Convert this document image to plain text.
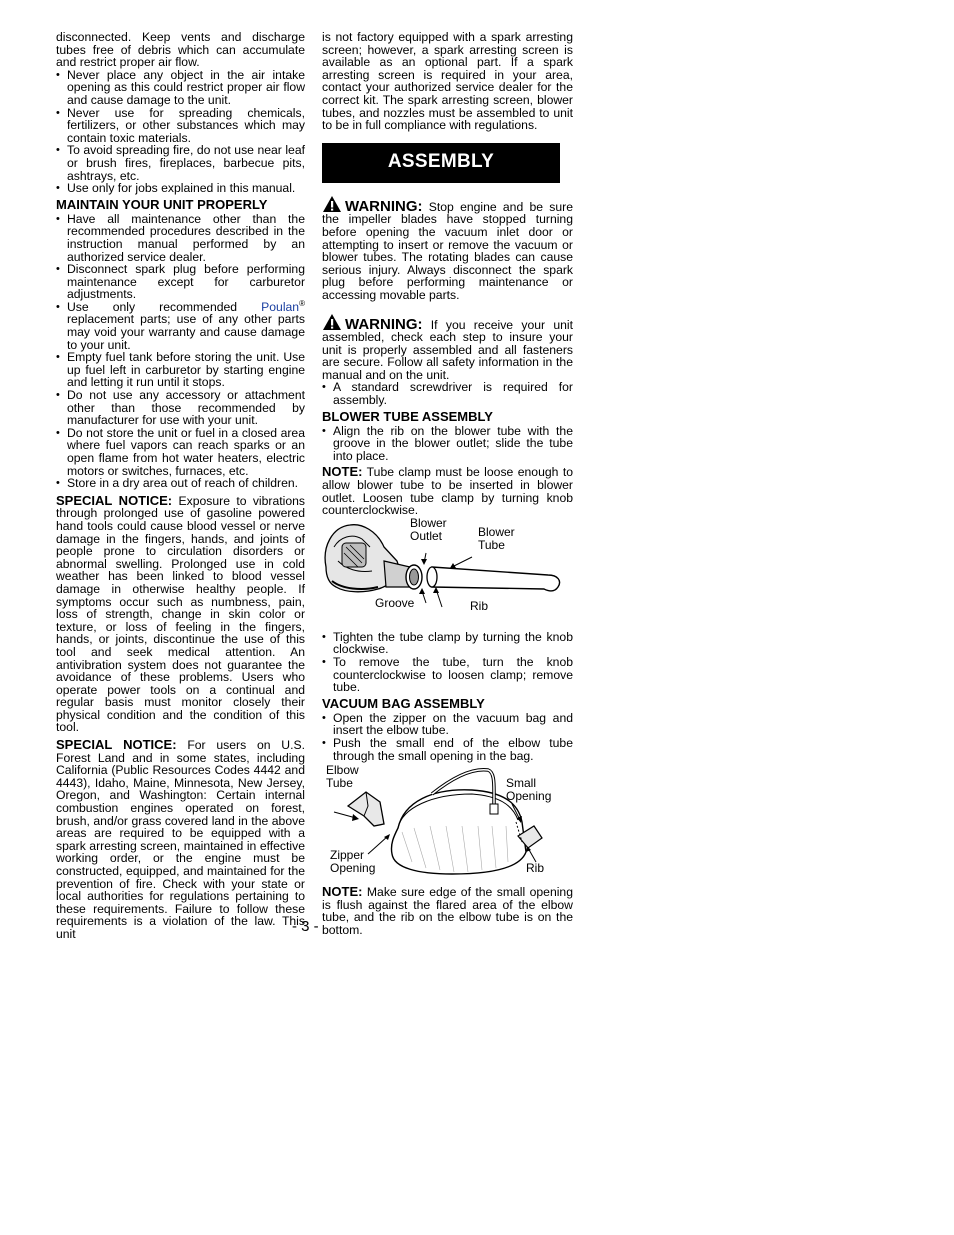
disconnected. Keep vents and discharge tubes free of debris which can accumulate and restrict proper air flow.

• Never place any object in the air intake opening as this could restrict proper air flow and cause damage to the unit.
• Never use for spreading chemicals, fertilizers, or other substances which may contain toxic materials.
• To avoid spreading fire, do not use near leaf or brush fires, fireplaces, barbecue pits, ashtrays, etc.
• Use only for jobs explained in this manual.
MAINTAIN YOUR UNIT PROPERLY
• Have all maintenance other than the recommended procedures described in the instruction manual performed by an authorized service dealer.
• Disconnect spark plug before performing maintenance except for carburetor adjustments.
• Use only recommended Poulan® replacement parts; use of any other parts may void your warranty and cause damage to your unit.
• Empty fuel tank before storing the unit. Use up fuel left in carburetor by starting engine and letting it run until it stops.
• Do not use any accessory or attachment other than those recommended by manufacturer for use with your unit.
• Do not store the unit or fuel in a closed area where fuel vapors can reach sparks or an open flame from hot water heaters, electric motors or switches, furnaces, etc.
• Store in a dry area out of reach of children.

SPECIAL NOTICE: Exposure to vibrations through prolonged use of gasoline powered hand tools could cause blood vessel or nerve damage in the fingers, hands, and joints of people prone to circulation disorders or abnormal swelling. Prolonged use in cold weather has been linked to blood vessel damage in otherwise healthy people. If symptoms occur such as numbness, pain, loss of strength, change in skin color or texture, or loss of feeling in the fingers, hands, or joints, discontinue the use of this tool and seek medical attention. An antivibration system does not guarantee the avoidance of these problems. Users who operate power tools on a continual and regular basis must monitor closely their physical condition and the condition of this tool.

SPECIAL NOTICE: For users on U.S. Forest Land and in some states, including California (Public Resources Codes 4442 and 4443), Idaho, Maine, Minnesota, New Jersey, Oregon, and Washington: Certain internal combustion engines operated on forest, brush, and/or grass covered land in the above areas are required to be equipped with a spark arresting screen, maintained in effective working order, or the engine must be constructed, equipped, and maintained for the prevention of fire. Check with your state or local authorities for regulations pertaining to these requirements. Failure to follow these requirements is a violation of the law. This unit

is not factory equipped with a spark arresting screen; however, a spark arresting screen is available as an optional part. If a spark arresting screen is required in your area, contact your authorized service dealer for the correct kit. The spark arresting screen, blower tubes, and nozzles must be assembled to unit to be in full compliance with regulations.

ASSEMBLY

WARNING: Stop engine and be sure the impeller blades have stopped turning before opening the vacuum inlet door or attempting to insert or remove the vacuum or blower tubes. The rotating blades can cause serious injury. Always disconnect the spark plug before performing maintenance or accessing movable parts.

WARNING: If you receive your unit assembled, check each step to insure your unit is properly assembled and all fasteners are secure. Follow all safety information in the manual and on the unit.

• A standard screwdriver is required for assembly.
BLOWER TUBE ASSEMBLY
• Align the rib on the blower tube with the groove in the blower outlet; slide the tube into place.

NOTE: Tube clamp must be loose enough to allow blower tube to be inserted in blower outlet. Loosen tube clamp by turning knob counterclockwise.

Blower
Outlet	Blower
Tube
Groove	Rib
• Tighten the tube clamp by turning the knob clockwise.
• To remove the tube, turn the knob counterclockwise to loosen clamp; remove tube.
VACUUM BAG ASSEMBLY
• Open the zipper on the vacuum bag and insert the elbow tube.
• Push the small end of the elbow tube through the small opening in the bag.
Elbow
Tube	Small
Opening
Zipper
Opening	Rib

NOTE: Make sure edge of the small opening is flush against the flared area of the elbow tube, and the rib on the elbow tube is on the bottom.

- 3 -
